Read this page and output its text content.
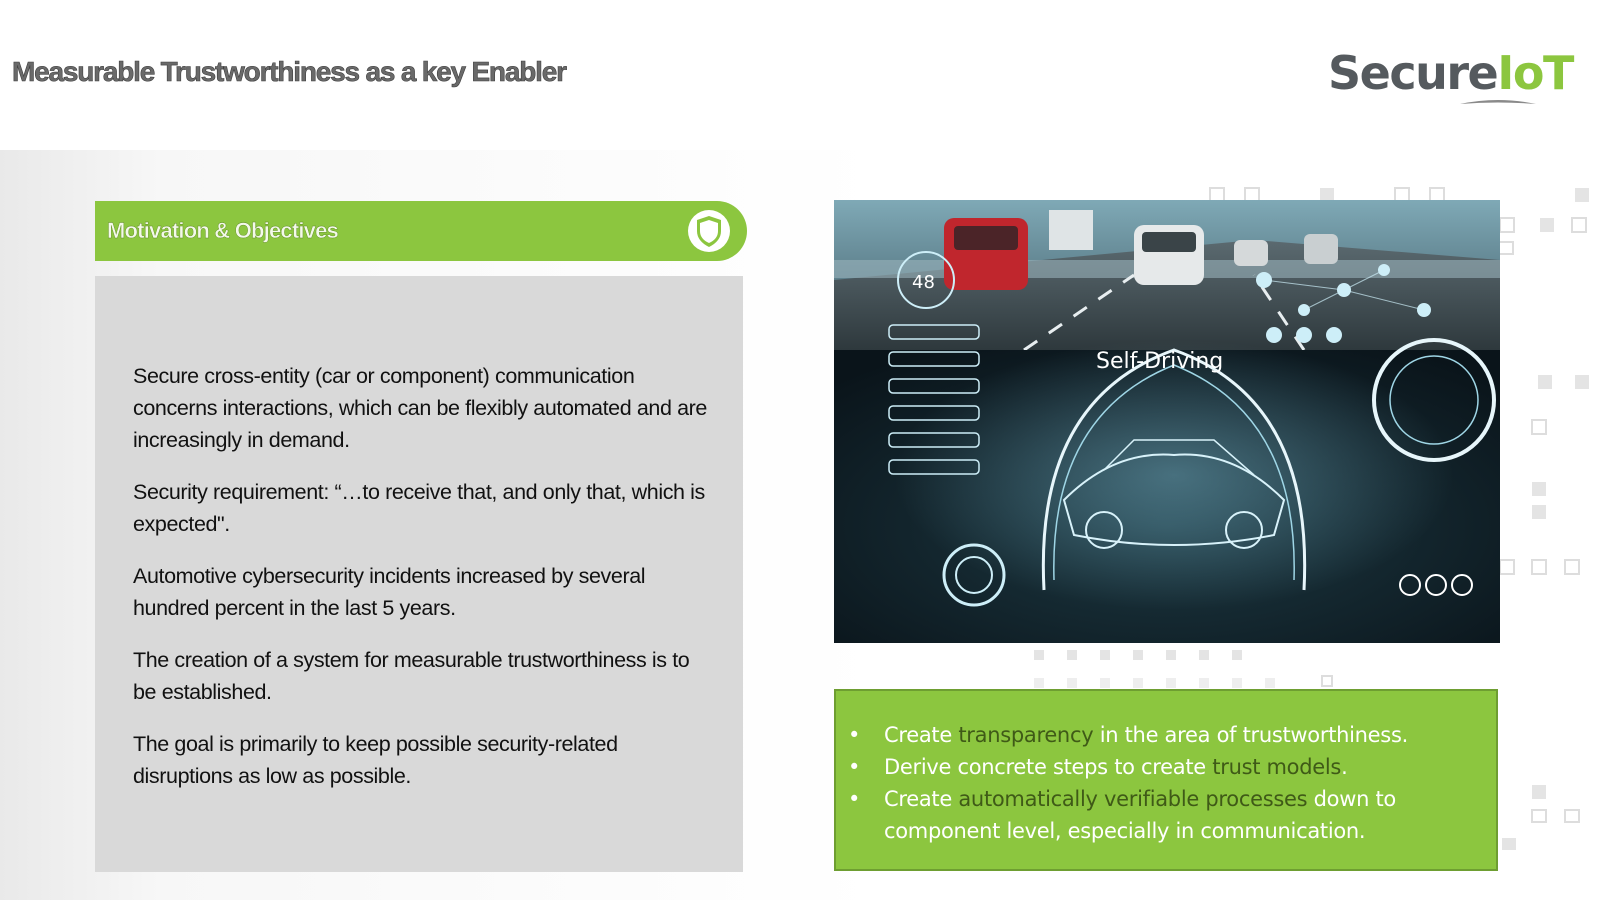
Measurable Trustworthiness as a key Enabler	SecureIoT
Motivation & Objectives

Secure cross-entity (car or component) communication concerns interactions, which can be flexibly automated and are increasingly in demand.

Security requirement: “…to receive that, and only that, which is expected".

Automotive cybersecurity incidents increased by several hundred percent in the last 5 years.

The creation of a system for measurable trustworthiness is to be established.

The goal is primarily to keep possible security-related disruptions as low as possible.

Self-Driving
48
• Create transparency in the area of trustworthiness.
• Derive concrete steps to create trust models.
• Create automatically verifiable processes down to component level, especially in communication.
